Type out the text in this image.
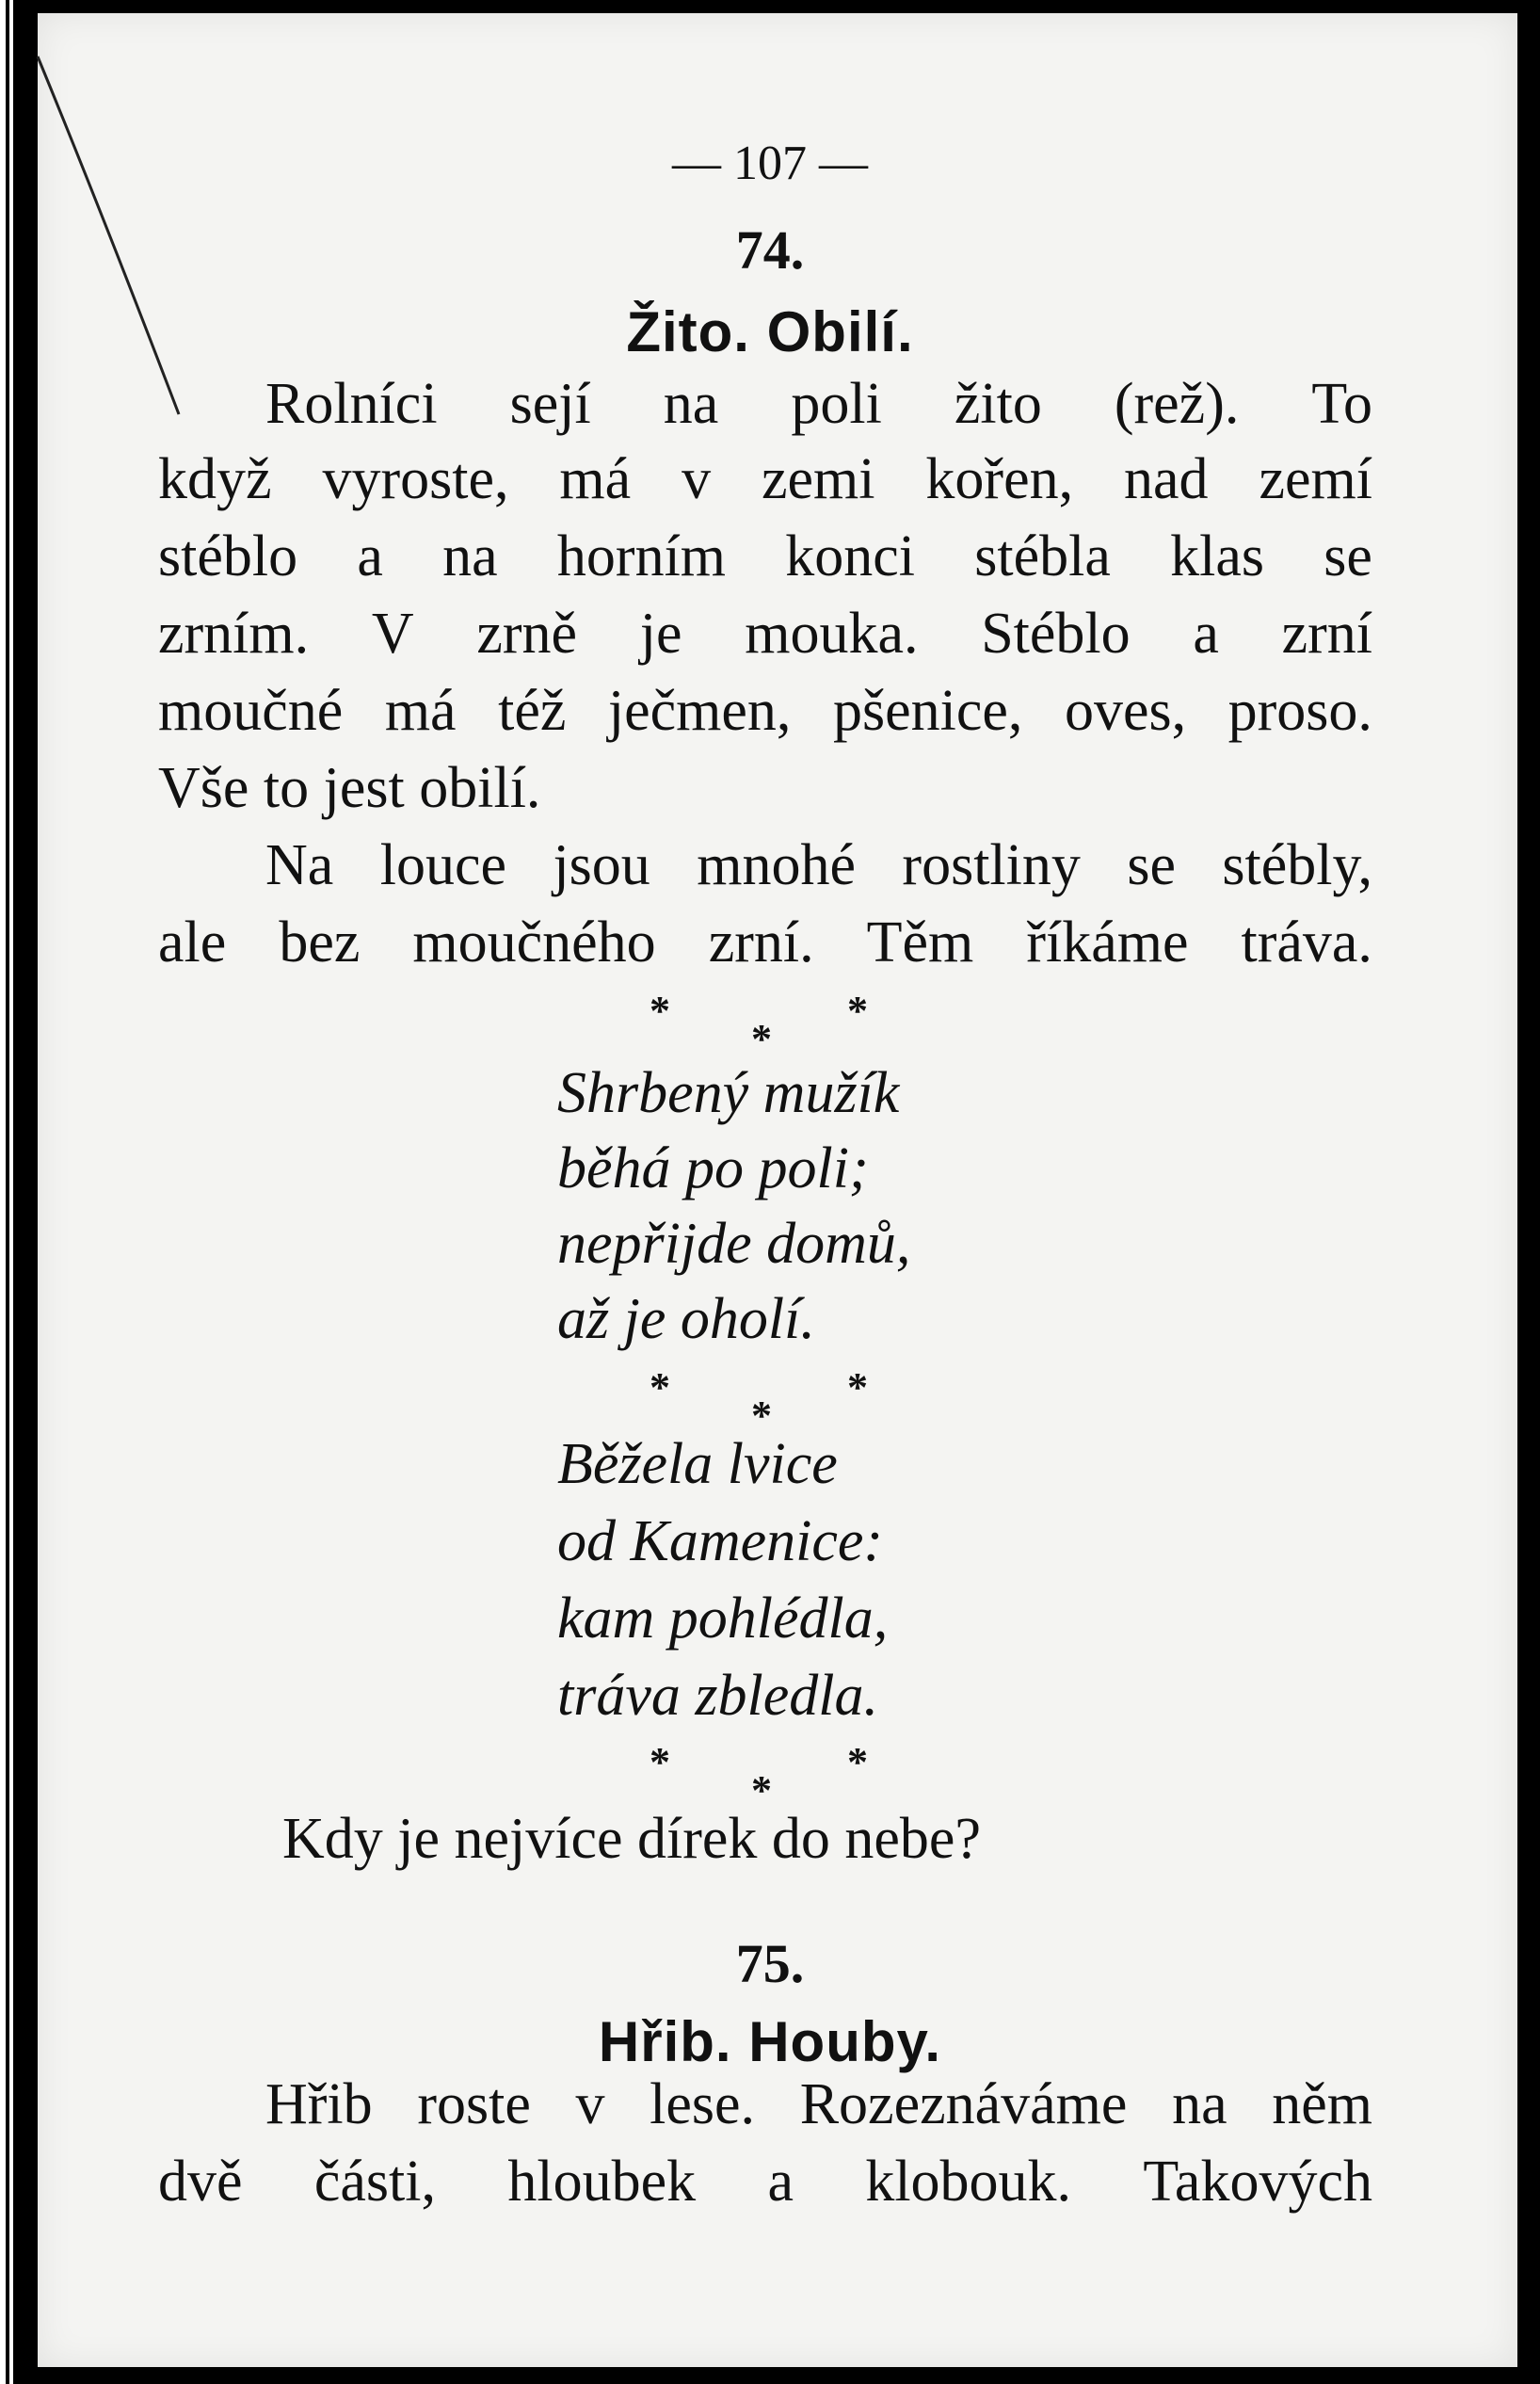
— 107 —
74.
Žito. Obilí.
Rolníci sejí na poli žito (rež). To
když vyroste, má v zemi kořen, nad zemí
stéblo a na horním konci stébla klas se
zrním. V zrně je mouka. Stéblo a zrní
moučné má též ječmen, pšenice, oves, proso.
Vše to jest obilí.
Na louce jsou mnohé rostliny se stébly,
ale bez moučného zrní. Těm říkáme tráva.
*
*
*
Shrbený mužík
běhá po poli;
nepřijde domů,
až je oholí.
*
*
*
Běžela lvice
od Kamenice:
kam pohlédla,
tráva zbledla.
*
*
*
Kdy je nejvíce dírek do nebe?
75.
Hřib. Houby.
Hřib roste v lese. Rozeznáváme na něm
dvě části, hloubek a klobouk. Takových
